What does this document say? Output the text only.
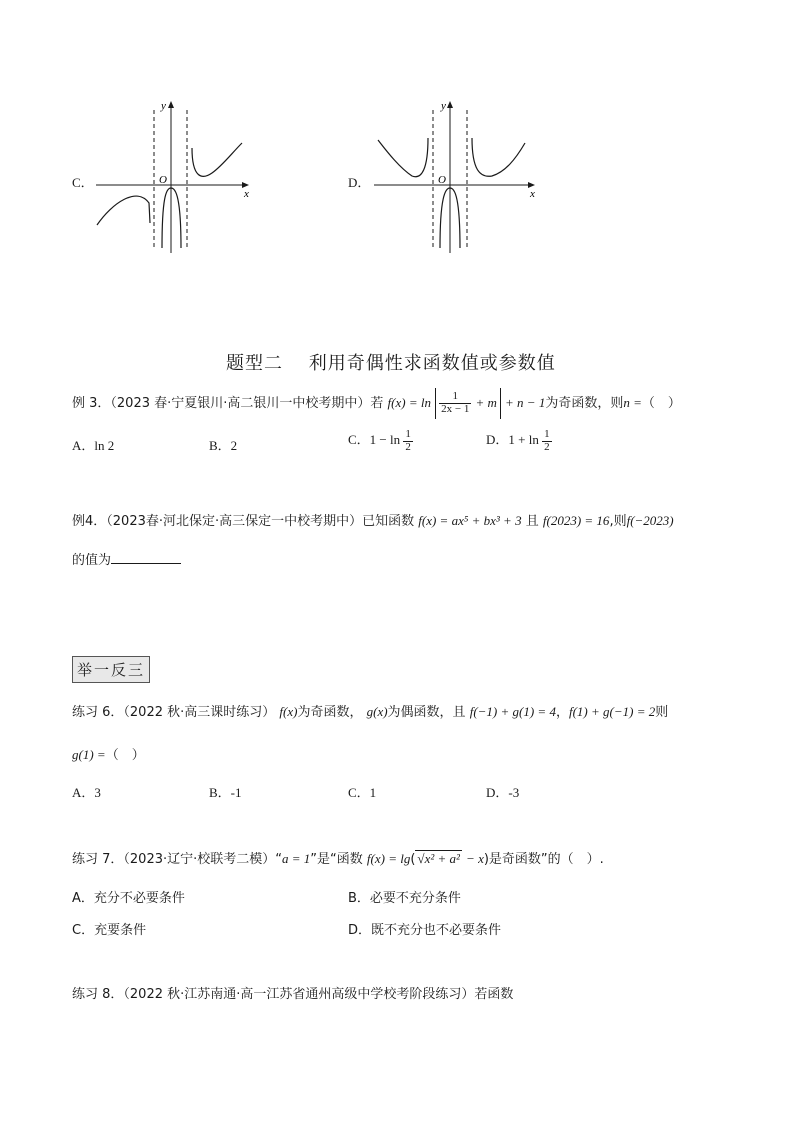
C．
y
x
O	D．
y
x
O
题型二　 利用奇偶性求函数值或参数值
例 3．（2023 春·宁夏银川·高二银川一中校考期中）若 $f(x) = \ln \frac{1}{2x - 1} + m + n - 1$为奇函数，则n =（　）
A．ln 2	B．2	C．$1 - \ln \frac{1}{2}$	D．$1 + \ln \frac{1}{2}$
例4．（2023春·河北保定·高三保定一中校考期中）已知函数 f(x) = ax⁵ + bx³ + 3 且 f(2023) = 16,则f(−2023)
的值为
举一反三
练习 6．（2022 秋·高三课时练习） f(x)为奇函数， g(x)为偶函数，且 f(−1) + g(1) = 4，f(1) + g(−1) = 2则
g(1) =（　）
A．3	B．-1	C．1	D．-3
练习 7．（2023·辽宁·校联考二模）“a = 1”是“函数 f(x) = lg( √x² + a² − x)是奇函数”的（　）.
A．充分不必要条件	B．必要不充分条件
C．充要条件	D．既不充分也不必要条件
练习 8．（2022 秋·江苏南通·高一江苏省通州高级中学校考阶段练习）若函数
